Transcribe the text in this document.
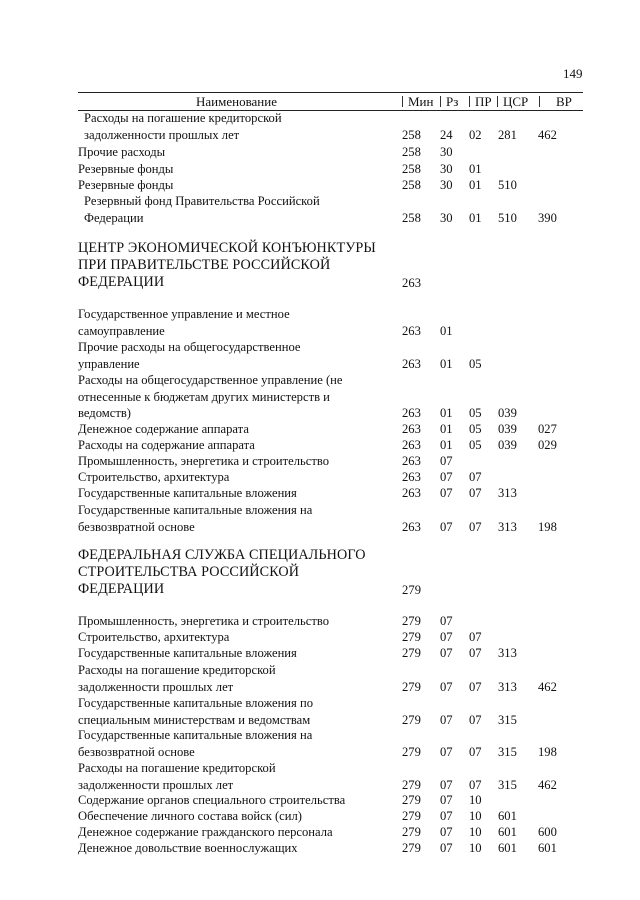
149
Наименование	Мин Рз ПР ЦСР ВР
Расходы на погашение кредиторской
задолженности прошлых лет	258 24 02 281 462
Прочие расходы	258 30
Резервные фонды	258 30 01
Резервные фонды	258 30 01 510
Резервный фонд Правительства Российской
Федерации	258 30 01 510 390
ЦЕНТР ЭКОНОМИЧЕСКОЙ КОНЪЮНКТУРЫ
ПРИ ПРАВИТЕЛЬСТВЕ РОССИЙСКОЙ
ФЕДЕРАЦИИ	263
Государственное управление и местное
самоуправление	263 01
Прочие расходы на общегосударственное
управление	263 01 05
Расходы на общегосударственное управление (не
отнесенные к бюджетам других министерств и
ведомств)	263 01 05 039
Денежное содержание аппарата	263 01 05 039 027
Расходы на содержание аппарата	263 01 05 039 029
Промышленность, энергетика и строительство	263 07
Строительство, архитектура	263 07 07
Государственные капитальные вложения	263 07 07 313
Государственные капитальные вложения на
безвозвратной основе	263 07 07 313 198
ФЕДЕРАЛЬНАЯ СЛУЖБА СПЕЦИАЛЬНОГО
СТРОИТЕЛЬСТВА РОССИЙСКОЙ
ФЕДЕРАЦИИ	279
Промышленность, энергетика и строительство	279 07
Строительство, архитектура	279 07 07
Государственные капитальные вложения	279 07 07 313
Расходы на погашение кредиторской
задолженности прошлых лет	279 07 07 313 462
Государственные капитальные вложения по
специальным министерствам и ведомствам	279 07 07 315
Государственные капитальные вложения на
безвозвратной основе	279 07 07 315 198
Расходы на погашение кредиторской
задолженности прошлых лет	279 07 07 315 462
Содержание органов специального строительства	279 07 10
Обеспечение личного состава войск (сил)	279 07 10 601
Денежное содержание гражданского персонала	279 07 10 601 600
Денежное довольствие военнослужащих	279 07 10 601 601
